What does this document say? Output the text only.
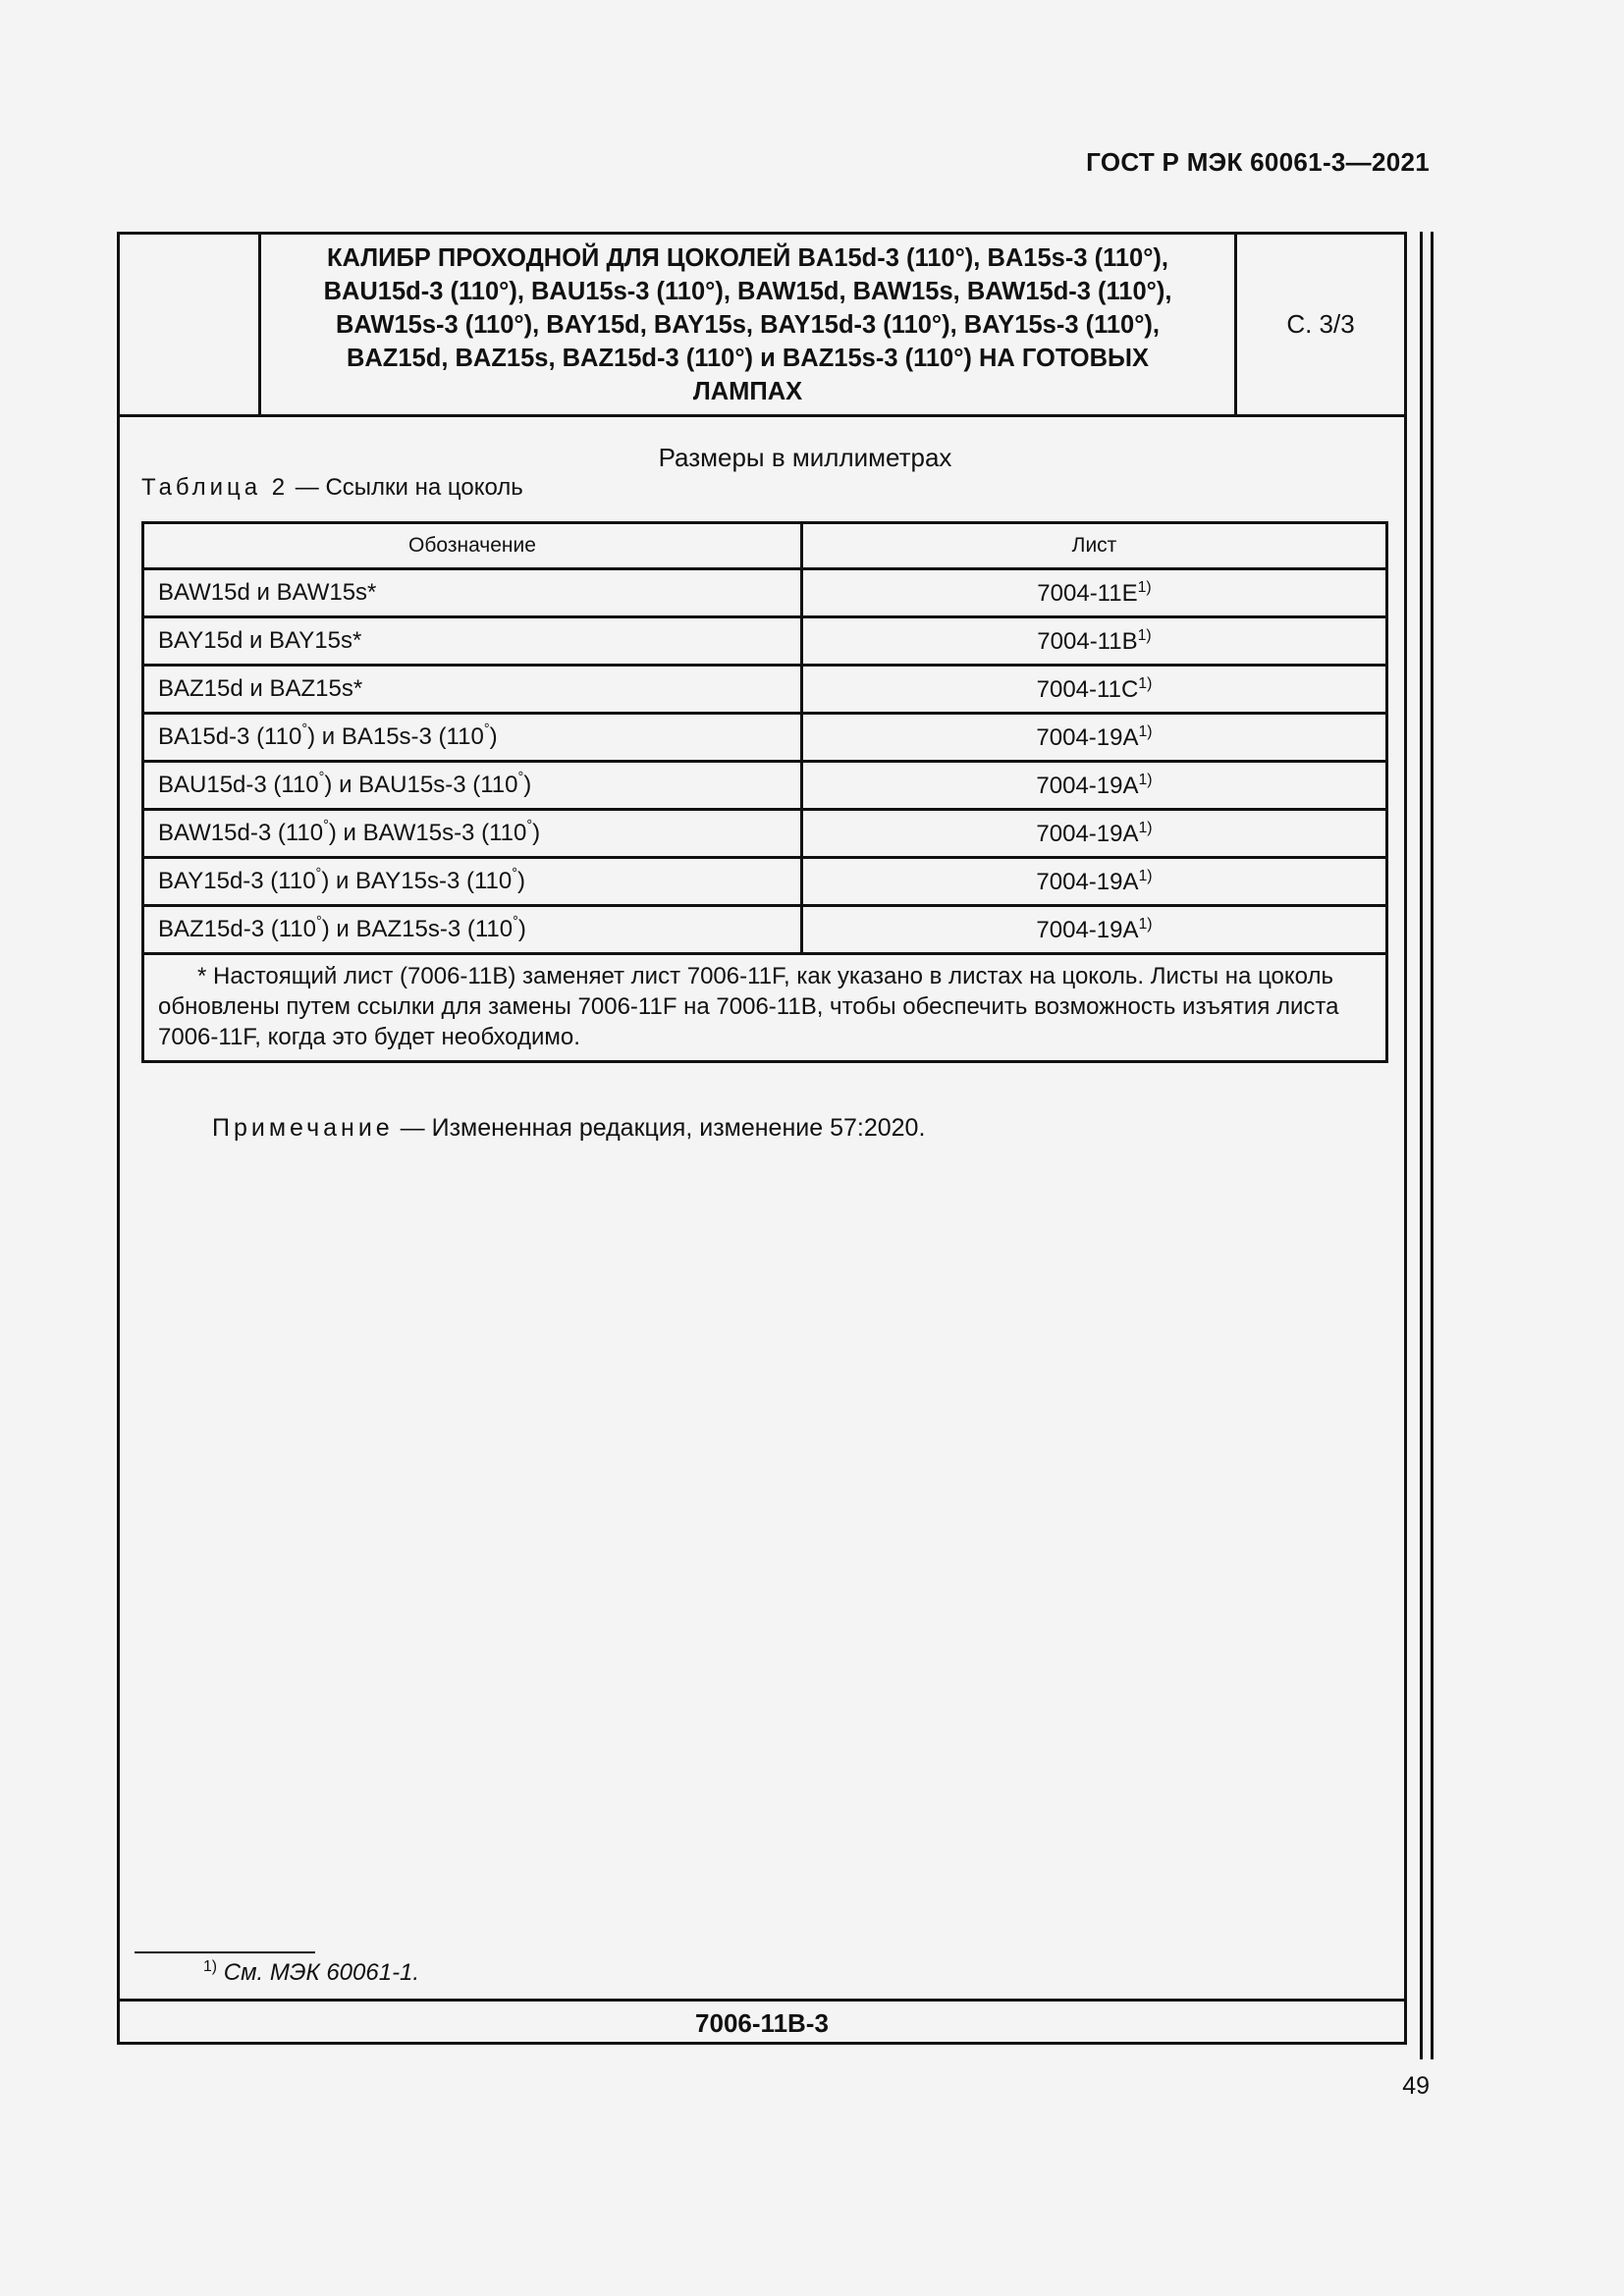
ГОСТ Р МЭК 60061-3—2021
КАЛИБР ПРОХОДНОЙ ДЛЯ ЦОКОЛЕЙ BA15d-3 (110°), BA15s-3 (110°),
BAU15d-3 (110°), BAU15s-3 (110°), BAW15d, BAW15s, BAW15d-3 (110°),
BAW15s-3 (110°), BAY15d, BAY15s, BAY15d-3 (110°), BAY15s-3 (110°),
BAZ15d, BAZ15s, BAZ15d-3 (110°) и BAZ15s-3 (110°) НА ГОТОВЫХ
ЛАМПАХ
С. 3/3
Размеры в миллиметрах
Таблица 2 — Ссылки на цоколь
Обозначение	Лист
BAW15d и BAW15s*	$7004-11E^{1)}$
BAY15d и BAY15s*	$7004-11B^{1)}$
BAZ15d и BAZ15s*	$7004-11C^{1)}$
BA15d-3 (110°) и BA15s-3 (110°)	$7004-19A^{1)}$
BAU15d-3 (110°) и BAU15s-3 (110°)	$7004-19A^{1)}$
BAW15d-3 (110°) и BAW15s-3 (110°)	$7004-19A^{1)}$
BAY15d-3 (110°) и BAY15s-3 (110°)	$7004-19A^{1)}$
BAZ15d-3 (110°) и BAZ15s-3 (110°)	$7004-19A^{1)}$
* Настоящий лист (7006-11B) заменяет лист 7006-11F, как указано в листах на цоколь. Листы на цоколь
обновлены путем ссылки для замены 7006-11F на 7006-11B, чтобы обеспечить возможность изъятия листа
7006-11F, когда это будет необходимо.	
Примечание — Измененная редакция, изменение 57:2020.
$^{1)}$ См. МЭК 60061-1.
7006-11B-3
49
